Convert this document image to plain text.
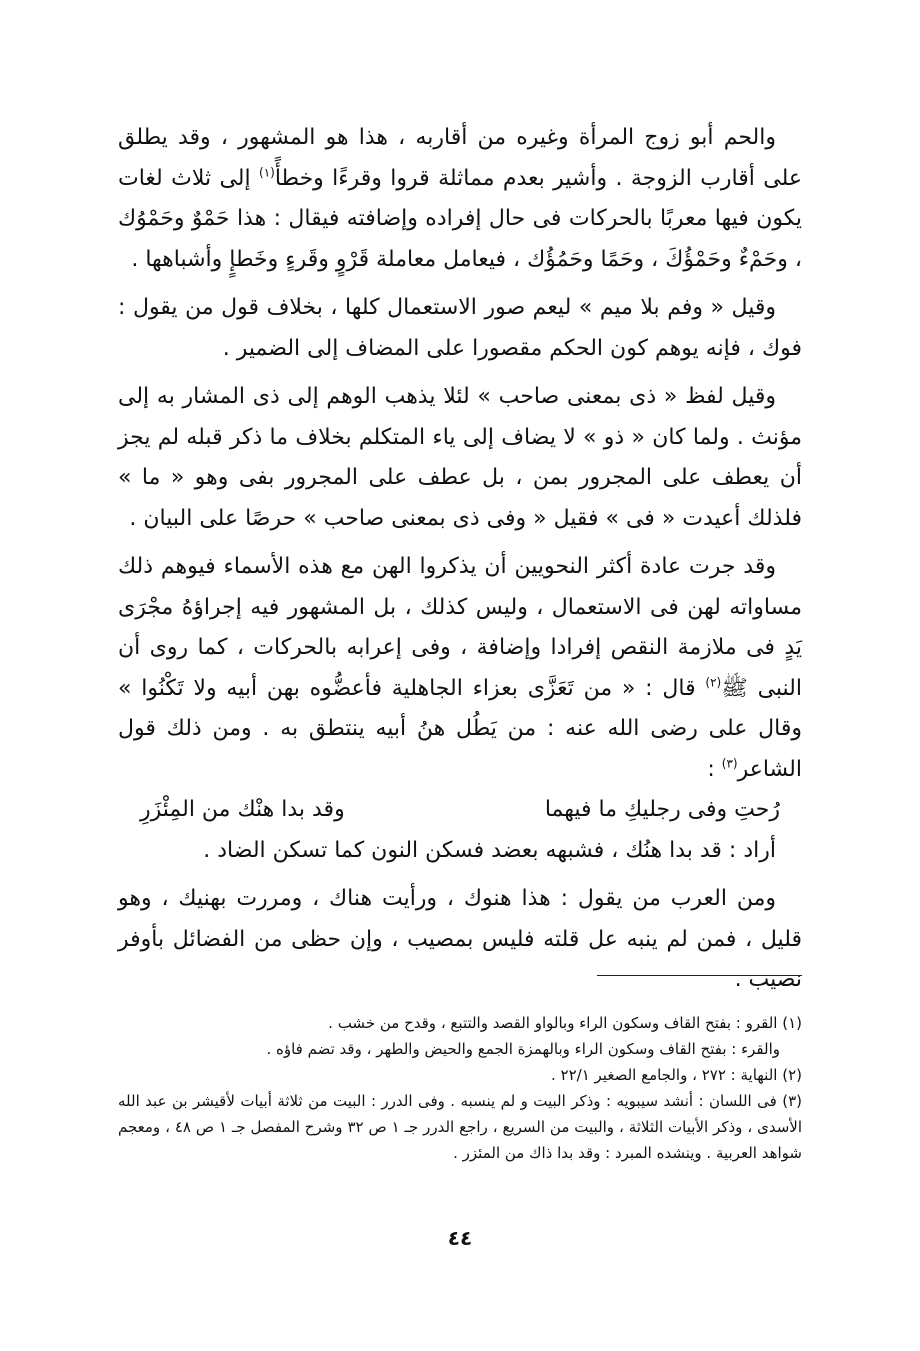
والحم أبو زوج المرأة وغيره من أقاربه ، هذا هو المشهور ، وقد يطلق على أقارب الزوجة . وأشير بعدم مماثلة قروا وقرءًا وخطأً$^{(١)}$ إلى ثلاث لغات يكون فيها معربًا بالحركات فى حال إفراده وإضافته فيقال : هذا حَمْوٌ وحَمْوُك ، وحَمْءٌ وحَمْؤُكَ ، وحَمًا وحَمُؤُك ، فيعامل معاملة قَرْوٍ وقَرءٍ وخَطإٍ وأشباهها .

وقيل « وفم بلا ميم » ليعم صور الاستعمال كلها ، بخلاف قول من يقول : فوك ، فإنه يوهم كون الحكم مقصورا على المضاف إلى الضمير .

وقيل لفظ « ذى بمعنى صاحب » لئلا يذهب الوهم إلى ذى المشار به إلى مؤنث . ولما كان « ذو » لا يضاف إلى ياء المتكلم بخلاف ما ذكر قبله لم يجز أن يعطف على المجرور بمن ، بل عطف على المجرور بفى وهو « ما » فلذلك أعيدت « فى » فقيل « وفى ذى بمعنى صاحب » حرصًا على البيان .

وقد جرت عادة أكثر النحويين أن يذكروا الهن مع هذه الأسماء فيوهم ذلك مساواته لهن فى الاستعمال ، وليس كذلك ، بل المشهور فيه إجراؤهُ مجْرَى يَدٍ فى ملازمة النقص إفرادا وإضافة ، وفى إعرابه بالحركات ، كما روى أن النبى ﷺ$^{(٢)}$ قال : « من تَعَزَّى بعزاء الجاهلية فأعضُّوه بهن أبيه ولا تَكْنُوا » وقال على رضى الله عنه : من يَطُل هنُ أبيه ينتطق به . ومن ذلك قول الشاعر$^{(٣)}$ :

رُحتِ وفى رجليكِ ما فيهما
وقد بدا هنْك من المِئْزَرِ

أراد : قد بدا هنُك ، فشبهه بعضد فسكن النون كما تسكن الضاد .

ومن العرب من يقول : هذا هنوك ، ورأيت هناك ، ومررت بهنيك ، وهو قليل ، فمن لم ينبه عل قلته فليس بمصيب ، وإن حظى من الفضائل بأوفر نصيب .

(١) القرو : بفتح القاف وسكون الراء وبالواو القصد والتتبع ، وقدح من خشب .

والقرء : بفتح القاف وسكون الراء وبالهمزة الجمع والحيض والطهر ، وقد تضم فاؤه .

(٢) النهاية : ٢٧٢ ، والجامع الصغير ٢٢/١ .

(٣) فى اللسان : أنشد سيبويه : وذكر البيت و لم ينسبه . وفى الدرر : البيت من ثلاثة أبيات لأقيشر بن عبد الله الأسدى ، وذكر الأبيات الثلاثة ، والبيت من السريع ، راجع الدرر جـ ١ ص ٣٢ وشرح المفصل جـ ١ ص ٤٨ ، ومعجم شواهد العربية . وينشده المبرد : وقد بدا ذاك من المئزر .

٤٤
